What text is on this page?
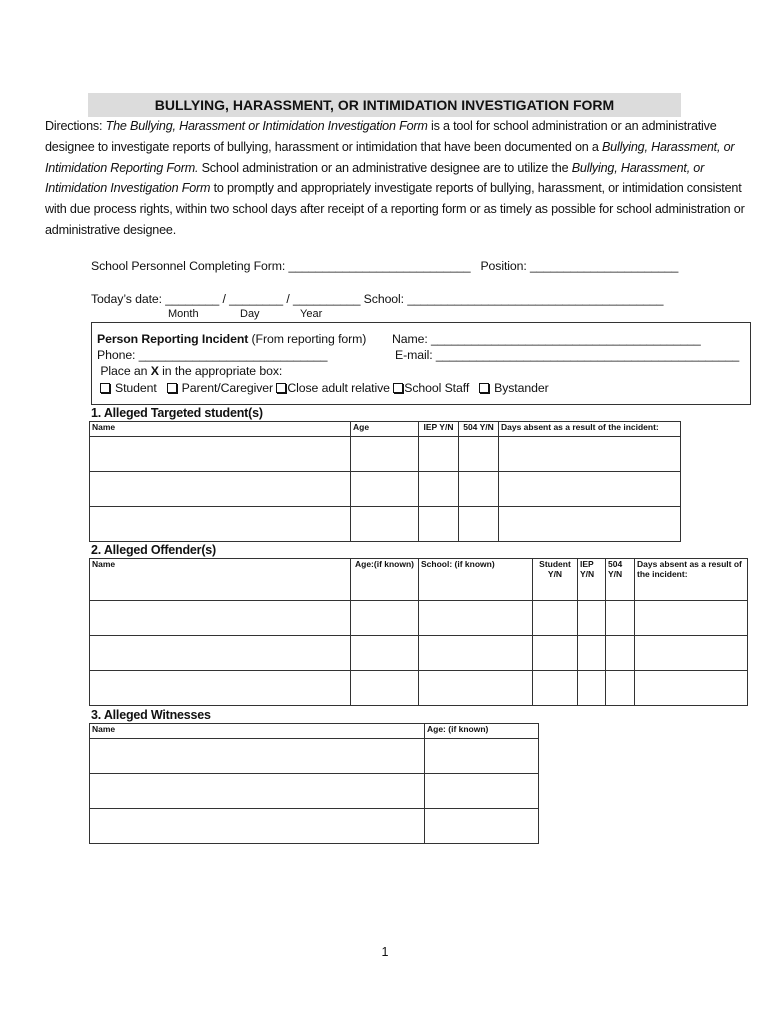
BULLYING, HARASSMENT, OR INTIMIDATION INVESTIGATION FORM
Directions: The Bullying, Harassment or Intimidation Investigation Form is a tool for school administration or an administrative designee to investigate reports of bullying, harassment or intimidation that have been documented on a Bullying, Harassment, or Intimidation Reporting Form. School administration or an administrative designee are to utilize the Bullying, Harassment, or Intimidation Investigation Form to promptly and appropriately investigate reports of bullying, harassment, or intimidation consistent with due process rights, within two school days after receipt of a reporting form or as timely as possible for school administration or administrative designee.
School Personnel Completing Form: ___________________________   Position: ______________________
Today’s date: ________ / ________ / __________ School: ______________________________________
Month	Day	Year
Person Reporting Incident (From reporting form) Name: ________________________________________
Phone: ____________________________	E-mail: _____________________________________________
Place an X in the appropriate box:
Student Parent/Caregiver Close adult relative School Staff Bystander
1. Alleged Targeted student(s)
Name	Age	IEP Y/N	504 Y/N	Days absent as a result of the incident:

2. Alleged Offender(s)
Name	Age:(if known)	School: (if known)	Student Y/N	IEP Y/N	504 Y/N	Days absent as a result of the incident:

3. Alleged Witnesses
Name	Age: (if known)

1
